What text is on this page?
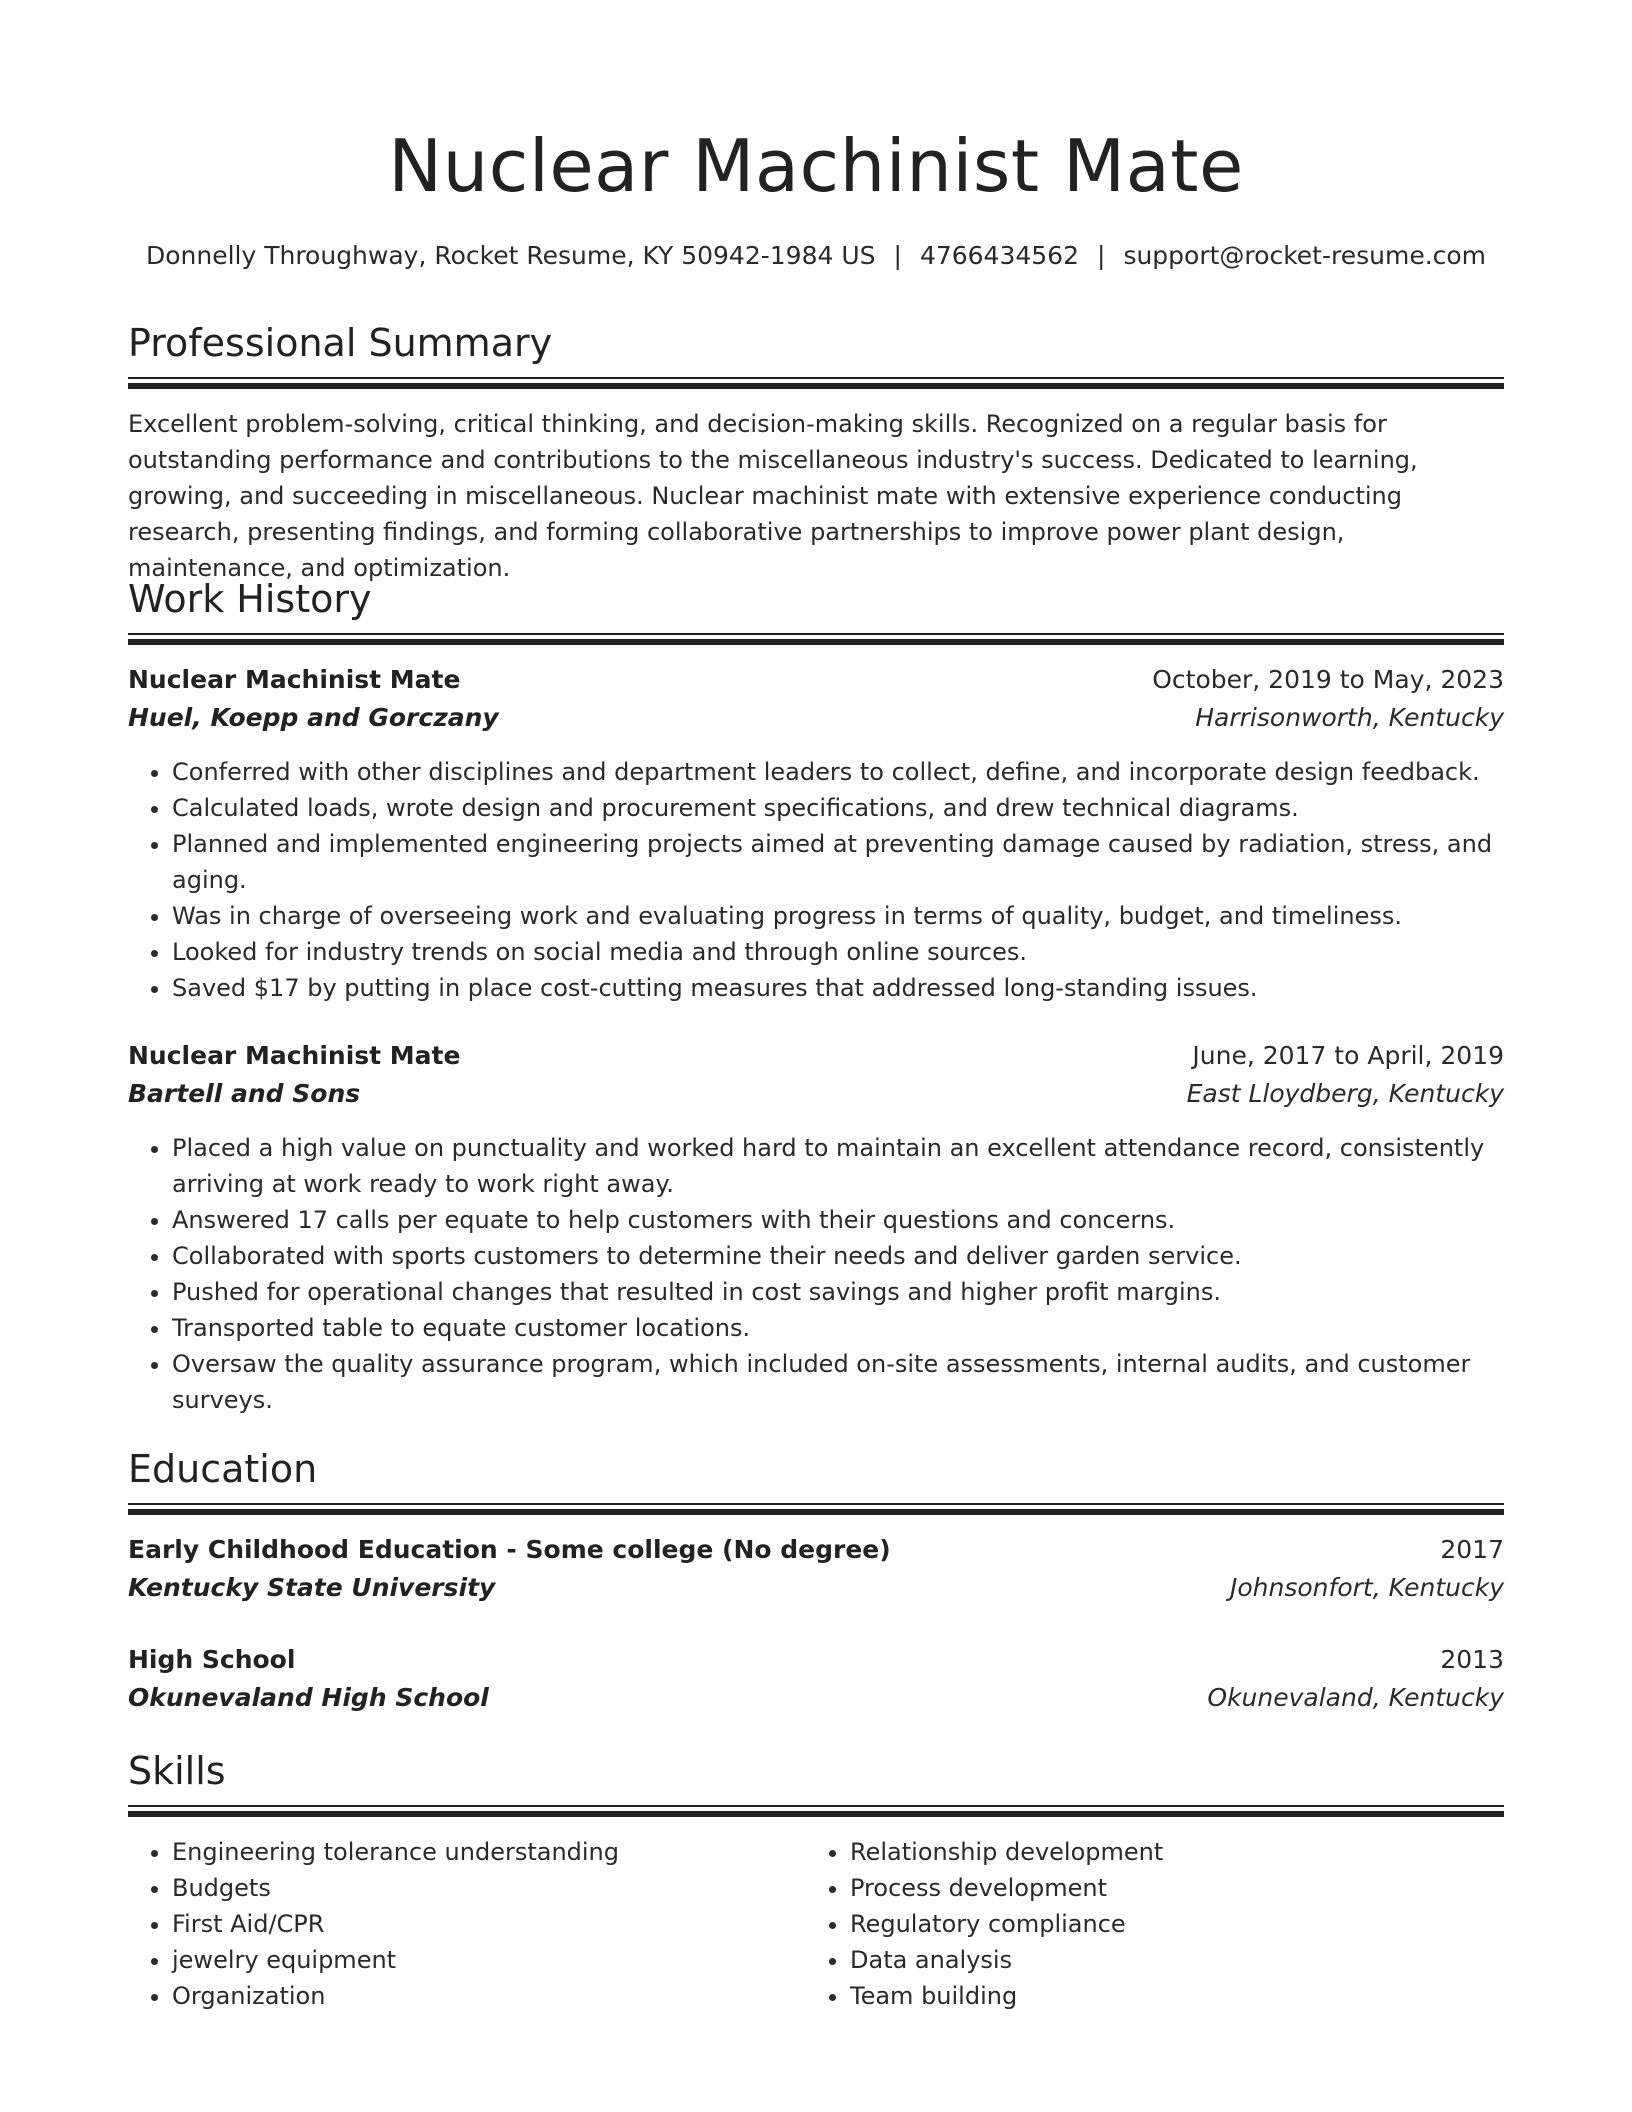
Nuclear Machinist Mate
Donnelly Throughway, Rocket Resume, KY 50942-1984 US | 4766434562 | support@rocket-resume.com
Professional Summary

Excellent problem-solving, critical thinking, and decision-making skills. Recognized on a regular basis for outstanding performance and contributions to the miscellaneous industry's success. Dedicated to learning, growing, and succeeding in miscellaneous. Nuclear machinist mate with extensive experience conducting research, presenting findings, and forming collaborative partnerships to improve power plant design, maintenance, and optimization.

Work History
Nuclear Machinist Mate	October, 2019 to May, 2023
Huel, Koepp and Gorczany	Harrisonworth, Kentucky
• Conferred with other disciplines and department leaders to collect, define, and incorporate design feedback.
• Calculated loads, wrote design and procurement specifications, and drew technical diagrams.
• Planned and implemented engineering projects aimed at preventing damage caused by radiation, stress, and aging.
• Was in charge of overseeing work and evaluating progress in terms of quality, budget, and timeliness.
• Looked for industry trends on social media and through online sources.
• Saved $17 by putting in place cost-cutting measures that addressed long-standing issues.
Nuclear Machinist Mate	June, 2017 to April, 2019
Bartell and Sons	East Lloydberg, Kentucky
• Placed a high value on punctuality and worked hard to maintain an excellent attendance record, consistently arriving at work ready to work right away.
• Answered 17 calls per equate to help customers with their questions and concerns.
• Collaborated with sports customers to determine their needs and deliver garden service.
• Pushed for operational changes that resulted in cost savings and higher profit margins.
• Transported table to equate customer locations.
• Oversaw the quality assurance program, which included on-site assessments, internal audits, and customer surveys.
Education
Early Childhood Education - Some college (No degree)	2017
Kentucky State University	Johnsonfort, Kentucky
High School	2013
Okunevaland High School	Okunevaland, Kentucky
Skills
• Engineering tolerance understanding
• Budgets
• First Aid/CPR
• jewelry equipment
• Organization
• Relationship development
• Process development
• Regulatory compliance
• Data analysis
• Team building
